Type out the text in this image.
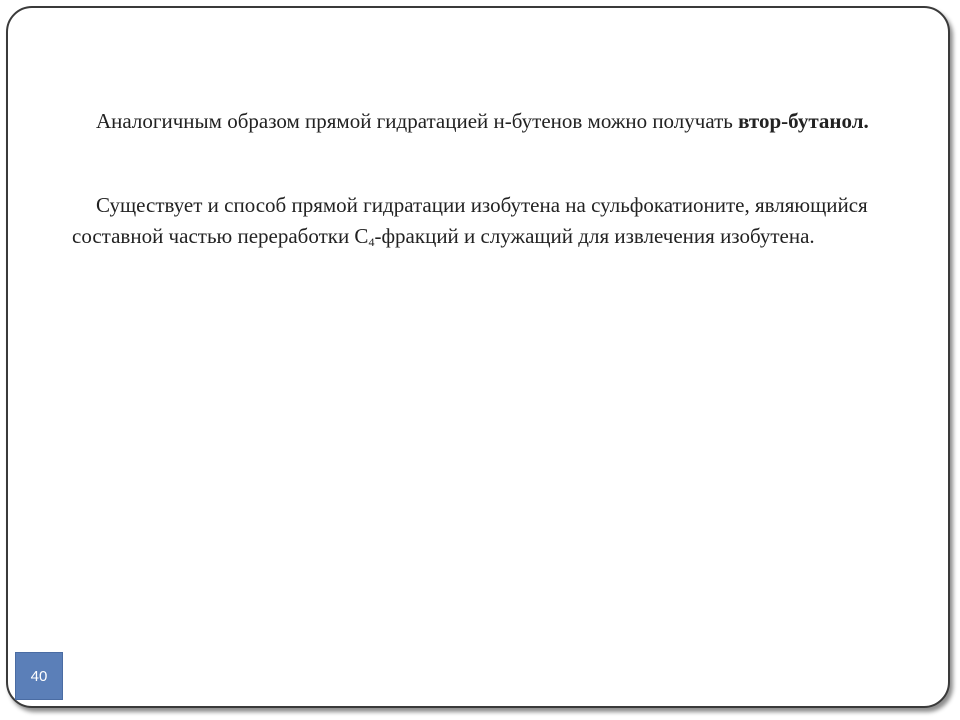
Аналогичным образом прямой гидратацией н-бутенов можно получать втор-бутанол.

Существует и способ прямой гидратации изобутена на сульфокатионите, являющийся составной частью переработки $С_4$-фракций и служащий для извлечения изобутена.

40
